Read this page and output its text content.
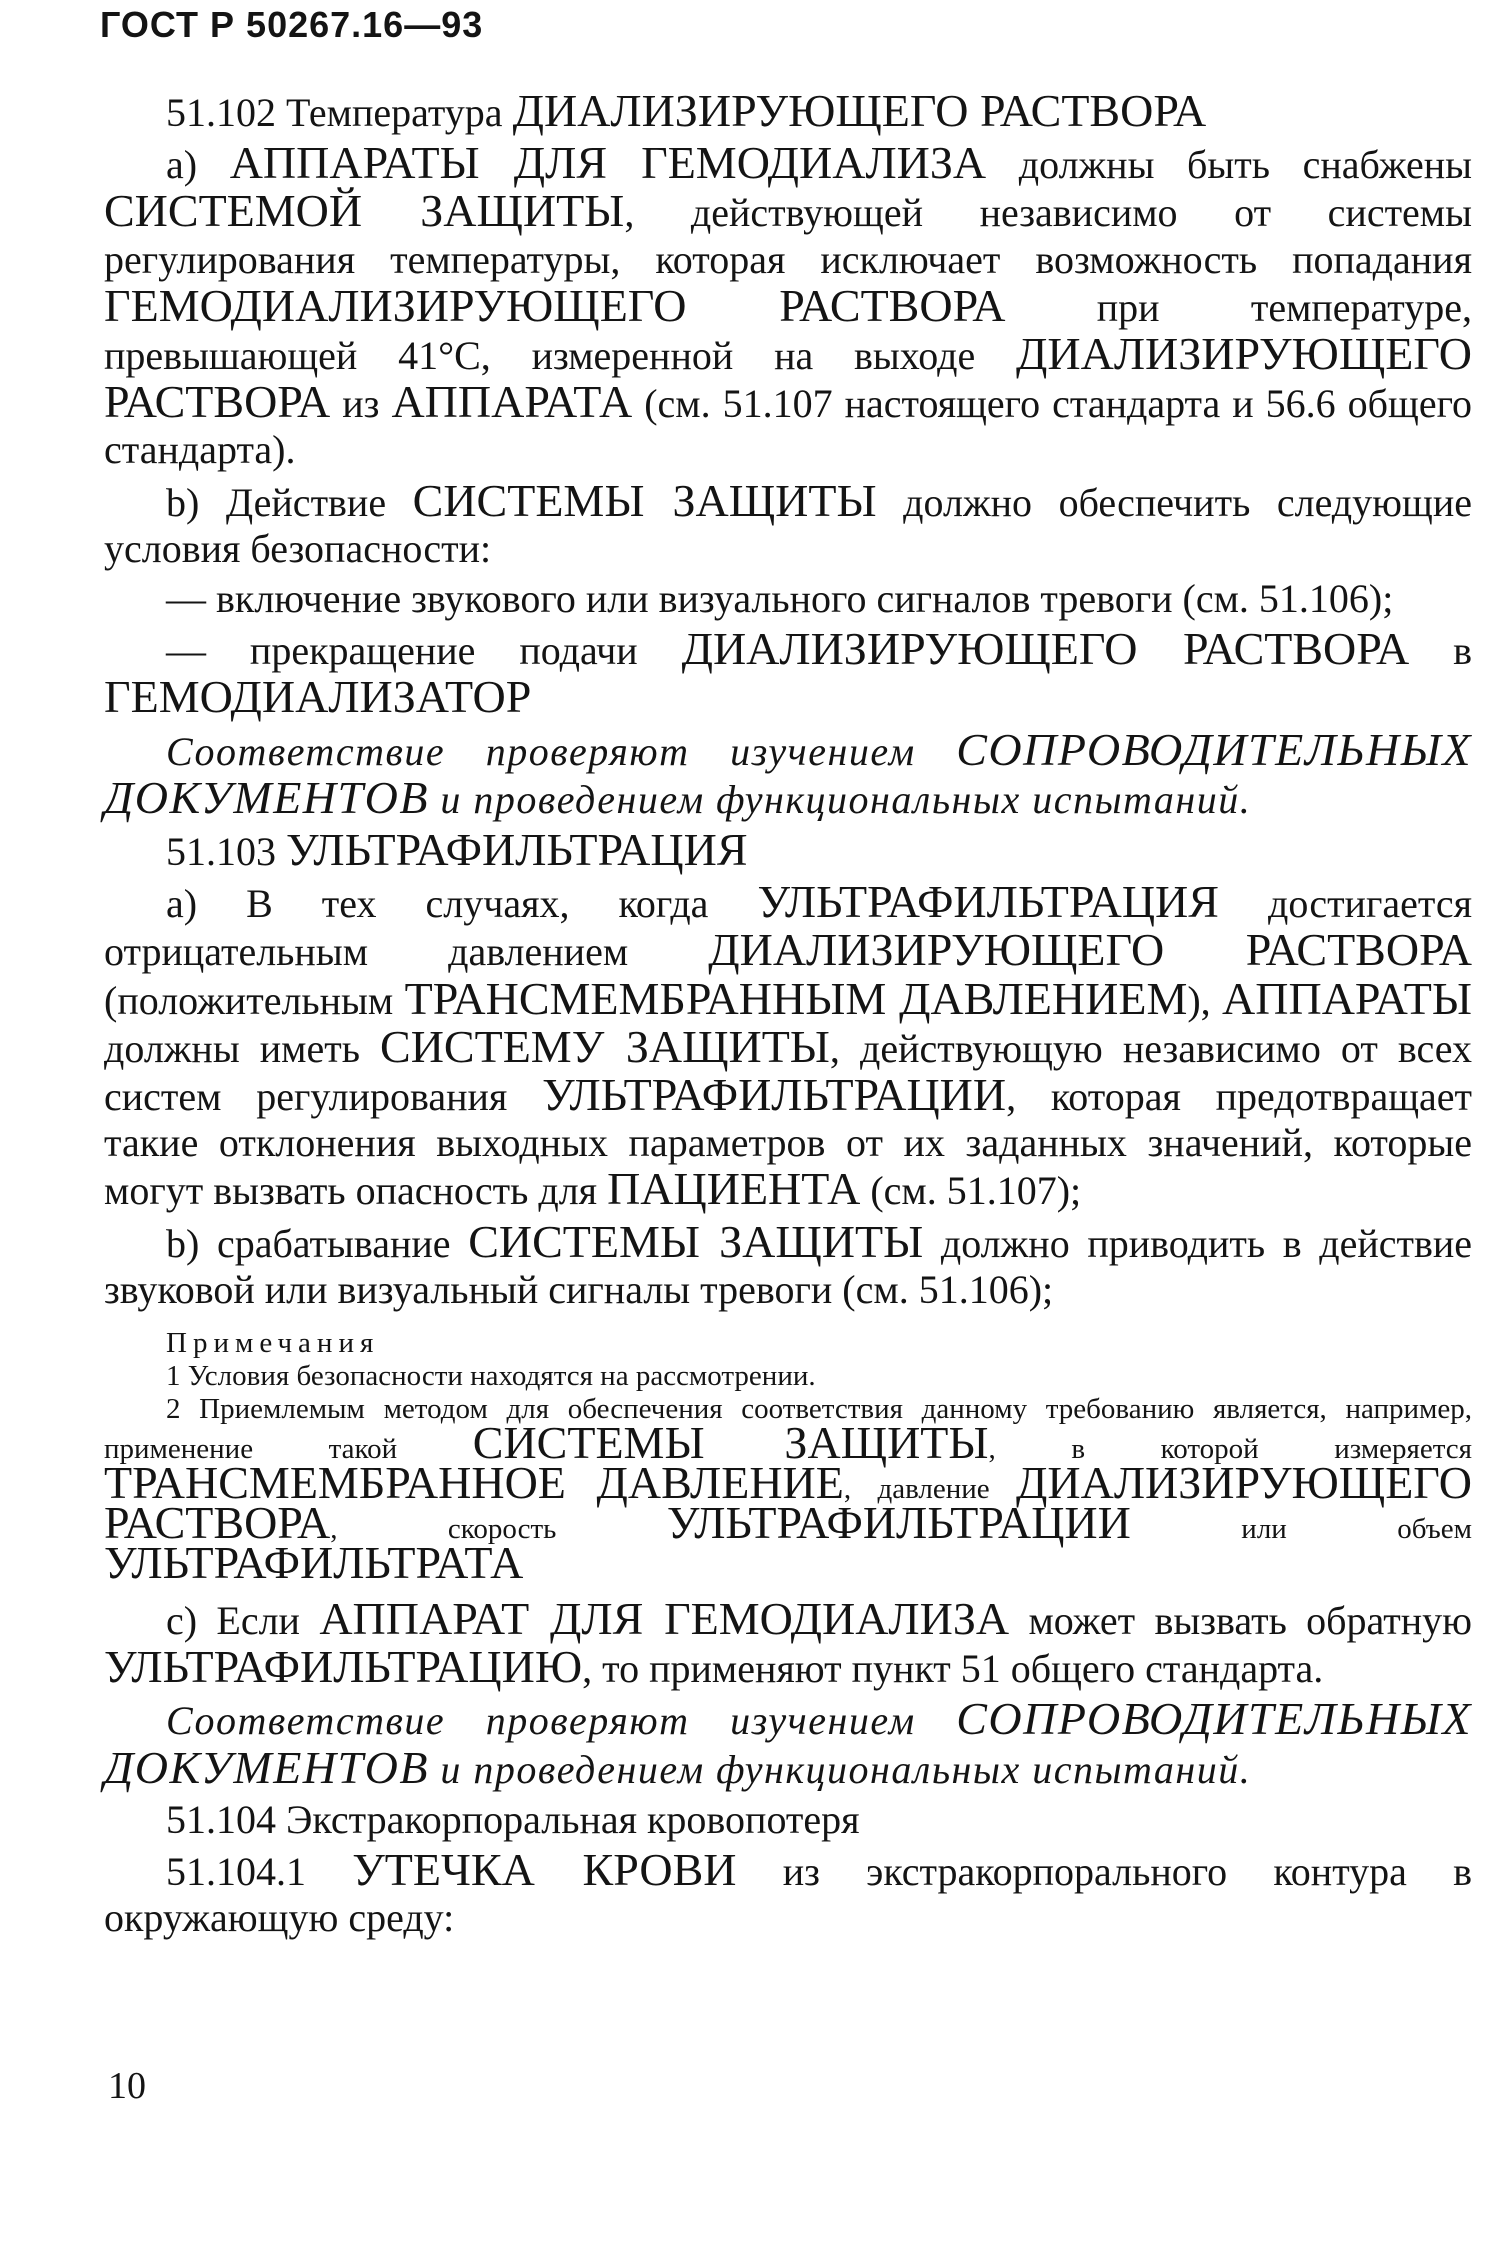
ГОСТ Р 50267.16—93

51.102 Температура ДИАЛИЗИРУЮЩЕГО РАСТВОРА

a) АППАРАТЫ ДЛЯ ГЕМОДИАЛИЗА должны быть снабжены СИСТЕМОЙ ЗАЩИТЫ, действующей независимо от системы регулирования температуры, которая исключает возможность попадания ГЕМОДИАЛИЗИРУЮЩЕГО РАСТВОРА при температуре, превышающей 41°С, измеренной на выходе ДИАЛИЗИРУЮЩЕГО РАСТВОРА из АППАРАТА (см. 51.107 настоящего стандарта и 56.6 общего стандарта).

b) Действие СИСТЕМЫ ЗАЩИТЫ должно обеспечить следующие условия безопасности:

— включение звукового или визуального сигналов тревоги (см. 51.106);

— прекращение подачи ДИАЛИЗИРУЮЩЕГО РАСТВОРА в ГЕМОДИАЛИЗАТОР

Соответствие проверяют изучением СОПРОВОДИТЕЛЬНЫХ ДОКУМЕНТОВ и проведением функциональных испытаний.

51.103 УЛЬТРАФИЛЬТРАЦИЯ

a) В тех случаях, когда УЛЬТРАФИЛЬТРАЦИЯ достигается отрицательным давлением ДИАЛИЗИРУЮЩЕГО РАСТВОРА (положительным ТРАНСМЕМБРАННЫМ ДАВЛЕНИЕМ), АППАРАТЫ должны иметь СИСТЕМУ ЗАЩИТЫ, действующую независимо от всех систем регулирования УЛЬТРАФИЛЬТРАЦИИ, которая предотвращает такие отклонения выходных параметров от их заданных значений, которые могут вызвать опасность для ПАЦИЕНТА (см. 51.107);

b) срабатывание СИСТЕМЫ ЗАЩИТЫ должно приводить в действие звуковой или визуальный сигналы тревоги (см. 51.106);

Примечания

1 Условия безопасности находятся на рассмотрении.

2 Приемлемым методом для обеспечения соответствия данному требованию является, например, применение такой СИСТЕМЫ ЗАЩИТЫ, в которой измеряется ТРАНСМЕМБРАННОЕ ДАВЛЕНИЕ, давление ДИАЛИЗИРУЮЩЕГО РАСТВОРА, скорость УЛЬТРАФИЛЬТРАЦИИ или объем УЛЬТРАФИЛЬТРАТА

c) Если АППАРАТ ДЛЯ ГЕМОДИАЛИЗА может вызвать обратную УЛЬТРАФИЛЬТРАЦИЮ, то применяют пункт 51 общего стандарта.

Соответствие проверяют изучением СОПРОВОДИТЕЛЬНЫХ ДОКУМЕНТОВ и проведением функциональных испытаний.

51.104 Экстракорпоральная кровопотеря

51.104.1 УТЕЧКА КРОВИ из экстракорпорального контура в окружающую среду:

10
